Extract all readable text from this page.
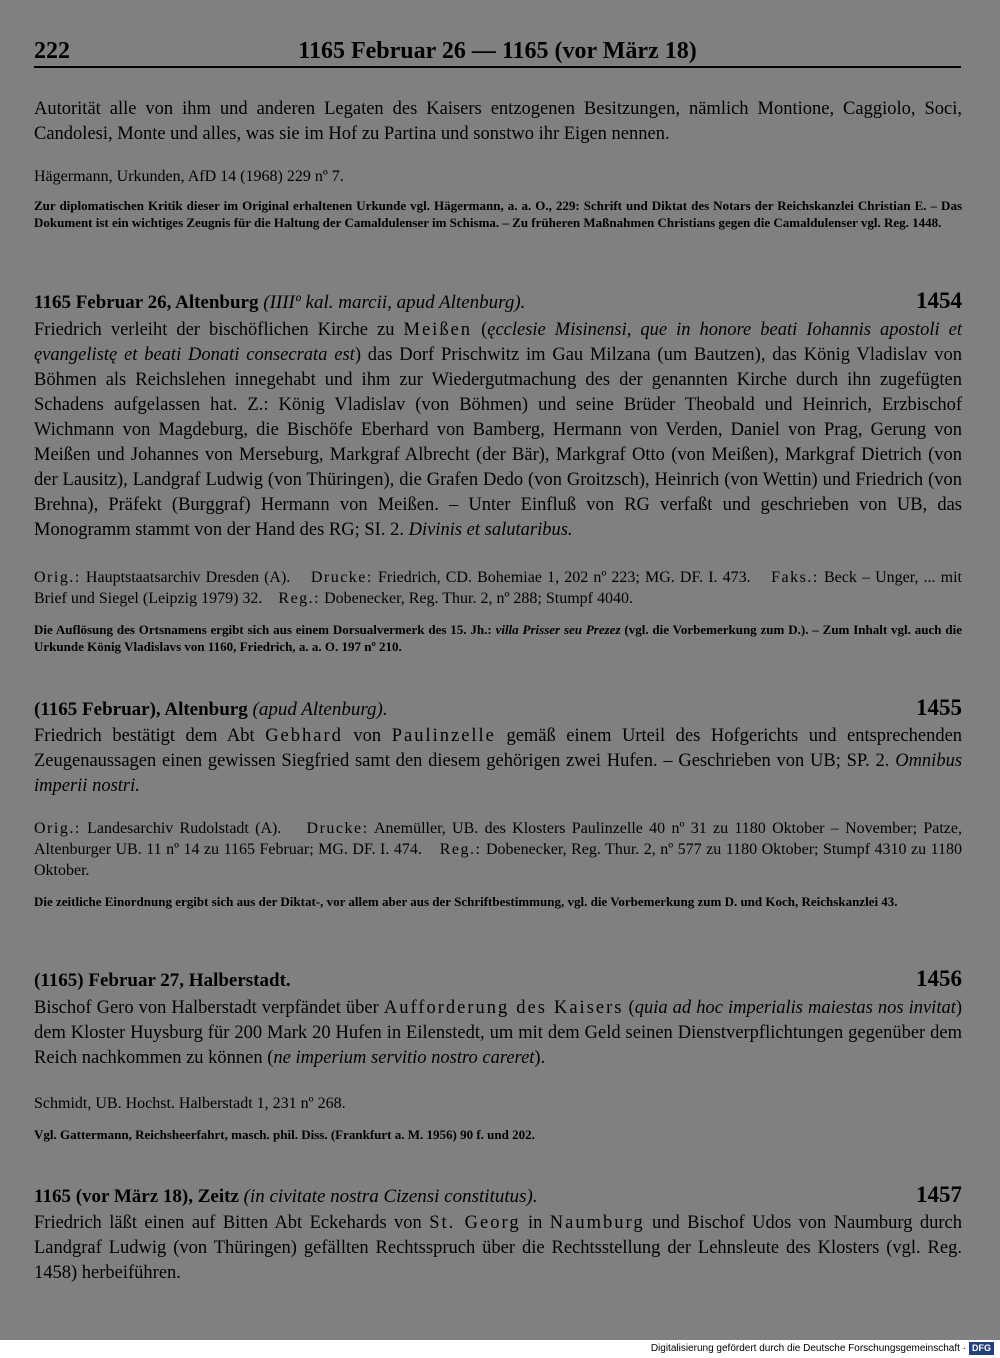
222	1165 Februar 26 — 1165 (vor März 18)
Autorität alle von ihm und anderen Legaten des Kaisers entzogenen Besitzungen, nämlich Montione, Caggiolo, Soci, Candolesi, Monte und alles, was sie im Hof zu Partina und sonstwo ihr Eigen nennen.
Hägermann, Urkunden, AfD 14 (1968) 229 nº 7.
Zur diplomatischen Kritik dieser im Original erhaltenen Urkunde vgl. Hägermann, a. a. O., 229: Schrift und Diktat des Notars der Reichskanzlei Christian E. – Das Dokument ist ein wichtiges Zeugnis für die Haltung der Camaldulenser im Schisma. – Zu früheren Maßnahmen Christians gegen die Camaldulenser vgl. Reg. 1448.
1165 Februar 26, Altenburg (IIIIº kal. marcii, apud Altenburg).	1454
Friedrich verleiht der bischöflichen Kirche zu Meißen (ęcclesie Misinensi, que in honore beati Iohannis apostoli et ęvangelistę et beati Donati consecrata est) das Dorf Prischwitz im Gau Milzana (um Bautzen), das König Vladislav von Böhmen als Reichslehen innegehabt und ihm zur Wiedergutmachung des der genannten Kirche durch ihn zugefügten Schadens aufgelassen hat. Z.: König Vladislav (von Böhmen) und seine Brüder Theobald und Heinrich, Erzbischof Wichmann von Magdeburg, die Bischöfe Eberhard von Bamberg, Hermann von Verden, Daniel von Prag, Gerung von Meißen und Johannes von Merseburg, Markgraf Albrecht (der Bär), Markgraf Otto (von Meißen), Markgraf Dietrich (von der Lausitz), Landgraf Ludwig (von Thüringen), die Grafen Dedo (von Groitzsch), Heinrich (von Wettin) und Friedrich (von Brehna), Präfekt (Burggraf) Hermann von Meißen. – Unter Einfluß von RG verfaßt und geschrieben von UB, das Monogramm stammt von der Hand des RG; SI. 2. Divinis et salutaribus.
Orig.: Hauptstaatsarchiv Dresden (A). Drucke: Friedrich, CD. Bohemiae 1, 202 nº 223; MG. DF. I. 473. Faks.: Beck – Unger, ... mit Brief und Siegel (Leipzig 1979) 32. Reg.: Dobenecker, Reg. Thur. 2, nº 288; Stumpf 4040.
Die Auflösung des Ortsnamens ergibt sich aus einem Dorsualvermerk des 15. Jh.: villa Prisser seu Prezez (vgl. die Vorbemerkung zum D.). – Zum Inhalt vgl. auch die Urkunde König Vladislavs von 1160, Friedrich, a. a. O. 197 nº 210.
(1165 Februar), Altenburg (apud Altenburg).	1455
Friedrich bestätigt dem Abt Gebhard von Paulinzelle gemäß einem Urteil des Hofgerichts und entsprechenden Zeugenaussagen einen gewissen Siegfried samt den diesem gehörigen zwei Hufen. – Geschrieben von UB; SP. 2. Omnibus imperii nostri.
Orig.: Landesarchiv Rudolstadt (A). Drucke: Anemüller, UB. des Klosters Paulinzelle 40 nº 31 zu 1180 Oktober – November; Patze, Altenburger UB. 11 nº 14 zu 1165 Februar; MG. DF. I. 474. Reg.: Dobenecker, Reg. Thur. 2, nº 577 zu 1180 Oktober; Stumpf 4310 zu 1180 Oktober.
Die zeitliche Einordnung ergibt sich aus der Diktat-, vor allem aber aus der Schriftbestimmung, vgl. die Vorbemerkung zum D. und Koch, Reichskanzlei 43.
(1165) Februar 27, Halberstadt.	1456
Bischof Gero von Halberstadt verpfändet über Aufforderung des Kaisers (quia ad hoc imperialis maiestas nos invitat) dem Kloster Huysburg für 200 Mark 20 Hufen in Eilenstedt, um mit dem Geld seinen Dienstverpflichtungen gegenüber dem Reich nachkommen zu können (ne imperium servitio nostro careret).
Schmidt, UB. Hochst. Halberstadt 1, 231 nº 268.
Vgl. Gattermann, Reichsheerfahrt, masch. phil. Diss. (Frankfurt a. M. 1956) 90 f. und 202.
1165 (vor März 18), Zeitz (in civitate nostra Cizensi constitutus).	1457
Friedrich läßt einen auf Bitten Abt Eckehards von St. Georg in Naumburg und Bischof Udos von Naumburg durch Landgraf Ludwig (von Thüringen) gefällten Rechtsspruch über die Rechtsstellung der Lehnsleute des Klosters (vgl. Reg. 1458) herbeiführen.
Digitalisierung gefördert durch die Deutsche Forschungsgemeinschaft · DFG
